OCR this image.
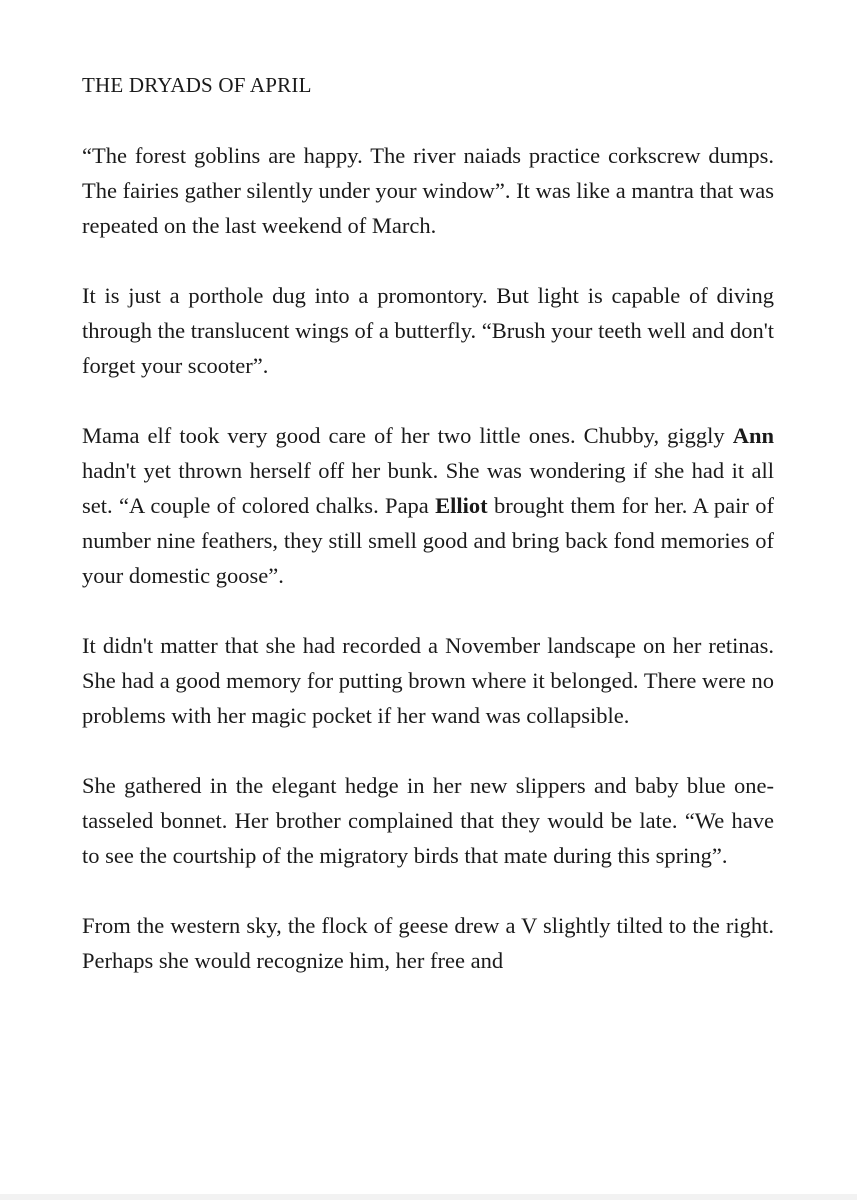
THE DRYADS OF APRIL

“The forest goblins are happy. The river naiads practice corkscrew dumps. The fairies gather silently under your window”. It was like a mantra that was repeated on the last weekend of March.

It is just a porthole dug into a promontory. But light is capable of diving through the translucent wings of a butterfly. “Brush your teeth well and don't forget your scooter”.

Mama elf took very good care of her two little ones. Chubby, giggly Ann hadn't yet thrown herself off her bunk. She was wondering if she had it all set. “A couple of colored chalks. Papa Elliot brought them for her. A pair of number nine feathers, they still smell good and bring back fond memories of your domestic goose”.

It didn't matter that she had recorded a November landscape on her retinas. She had a good memory for putting brown where it belonged. There were no problems with her magic pocket if her wand was collapsible.

She gathered in the elegant hedge in her new slippers and baby blue one-tasseled bonnet. Her brother complained that they would be late. “We have to see the courtship of the migratory birds that mate during this spring”.

From the western sky, the flock of geese drew a V slightly tilted to the right. Perhaps she would recognize him, her free and
